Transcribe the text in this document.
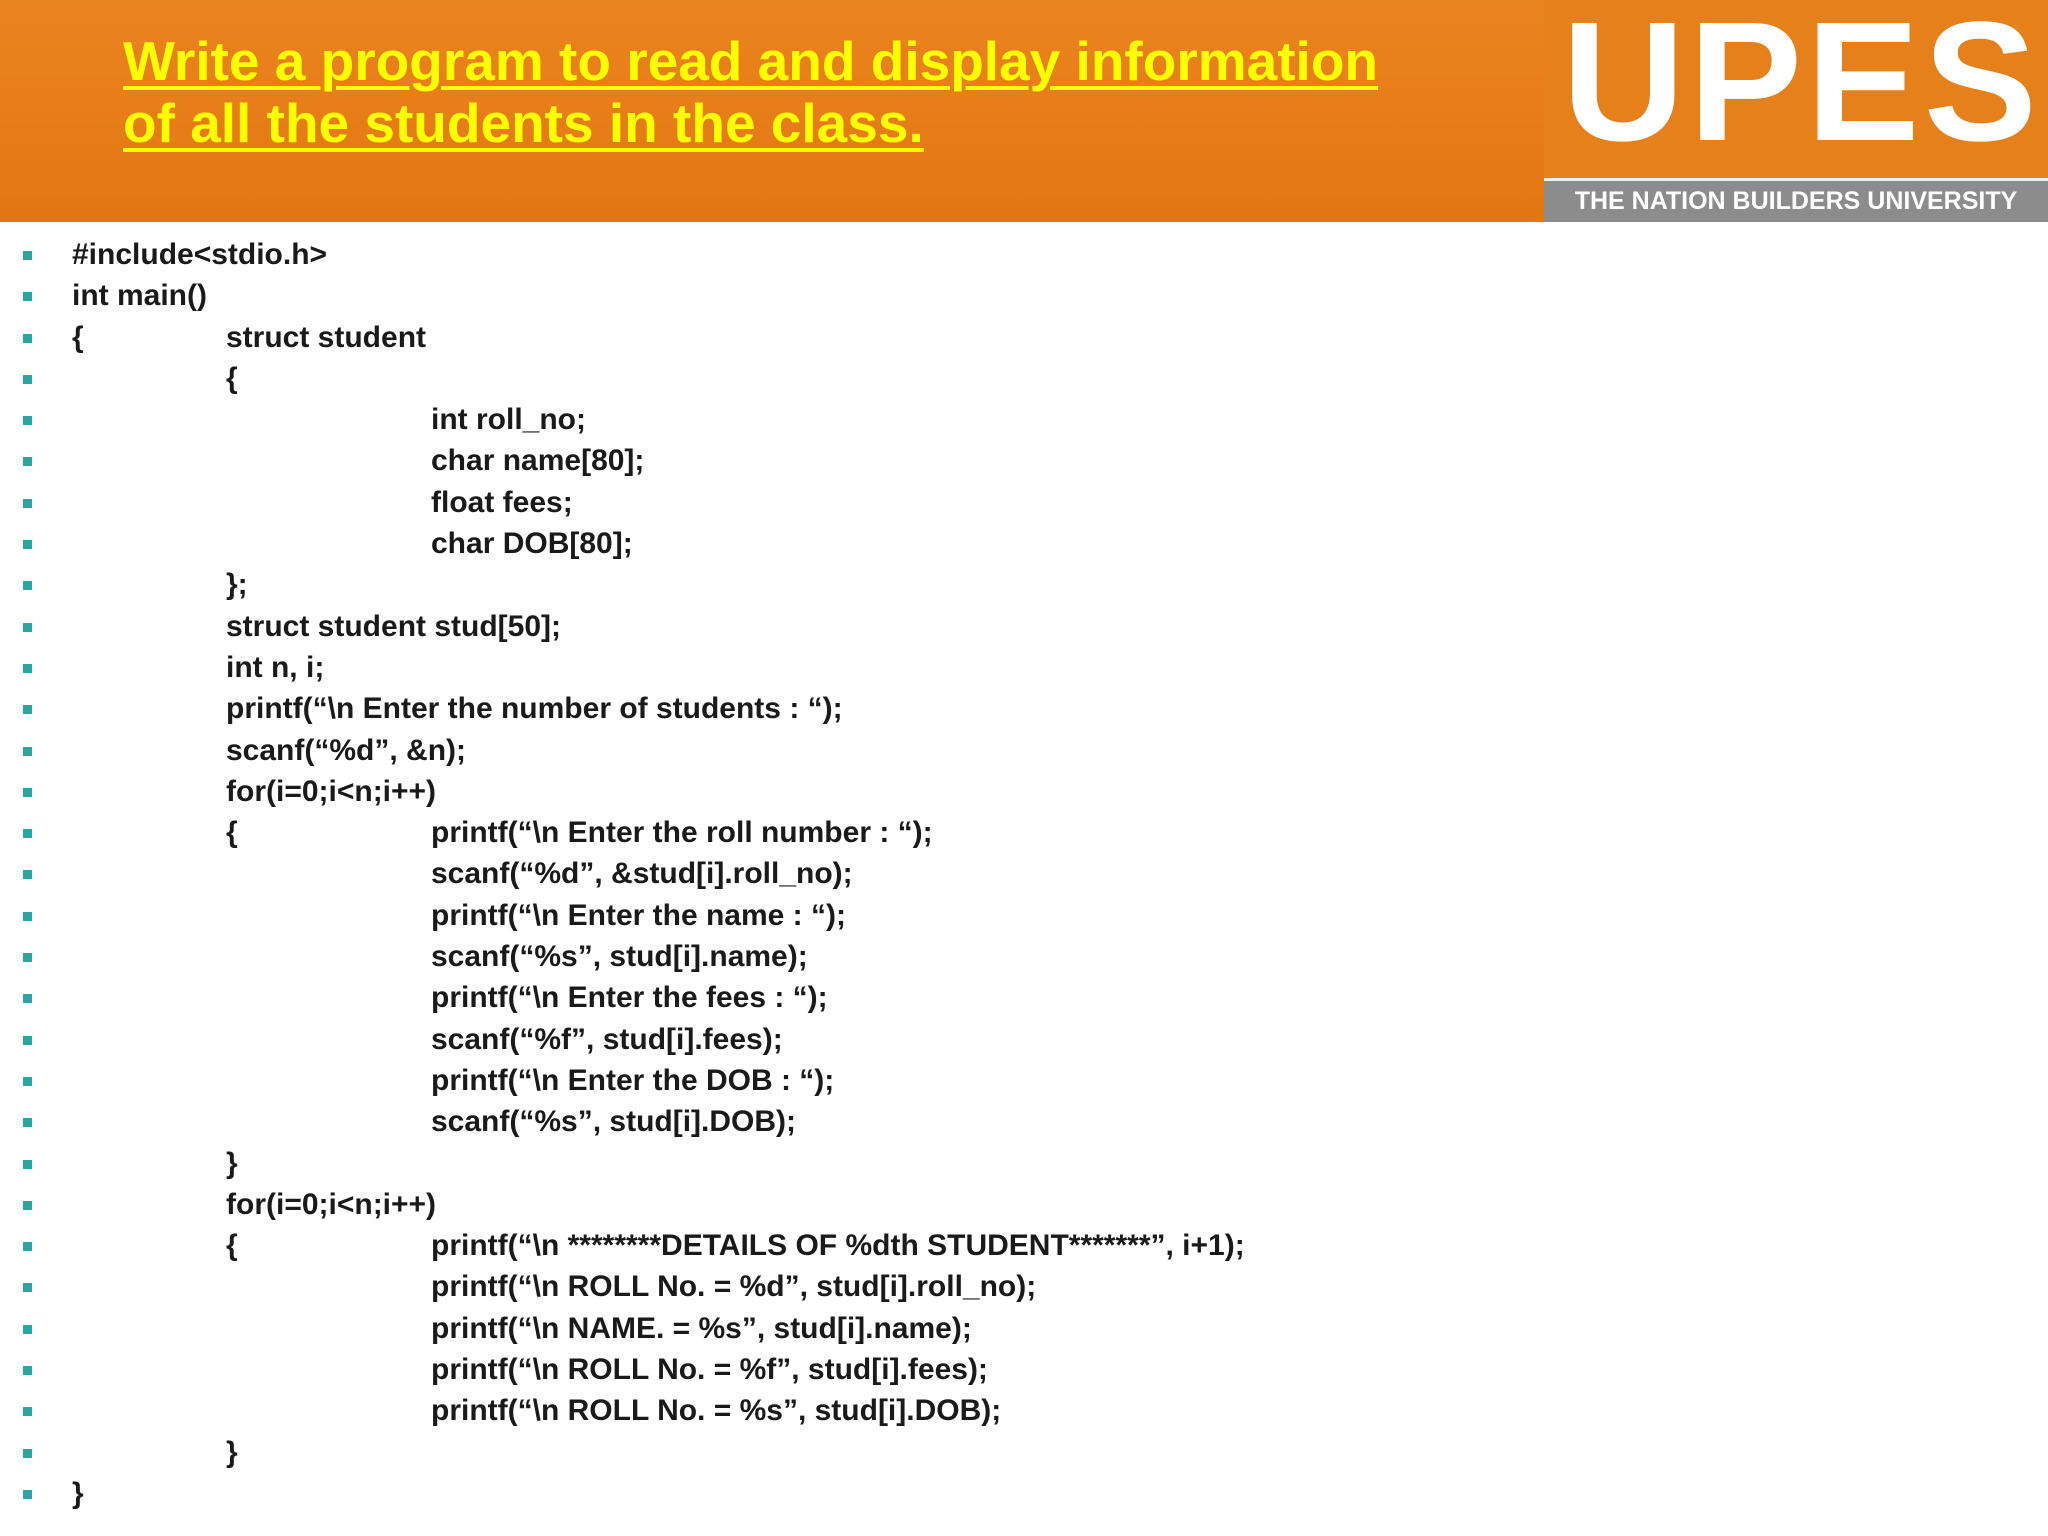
Write a program to read and display information
of all the students in the class.	UPES
THE NATION BUILDERS UNIVERSITY
#include<stdio.h>
int main()
{	struct student
{
int roll_no;
char name[80];
float fees;
char DOB[80];
};
struct student stud[50];
int n, i;
printf(“\n Enter the number of students : “);
scanf(“%d”, &n);
for(i=0;i<n;i++)
{	printf(“\n Enter the roll number : “);
scanf(“%d”, &stud[i].roll_no);
printf(“\n Enter the name : “);
scanf(“%s”, stud[i].name);
printf(“\n Enter the fees : “);
scanf(“%f”, stud[i].fees);
printf(“\n Enter the DOB : “);
scanf(“%s”, stud[i].DOB);
}
for(i=0;i<n;i++)
{	printf(“\n ********DETAILS OF %dth STUDENT*******”, i+1);
printf(“\n ROLL No. = %d”, stud[i].roll_no);
printf(“\n NAME. = %s”, stud[i].name);
printf(“\n ROLL No. = %f”, stud[i].fees);
printf(“\n ROLL No. = %s”, stud[i].DOB);
}
}
